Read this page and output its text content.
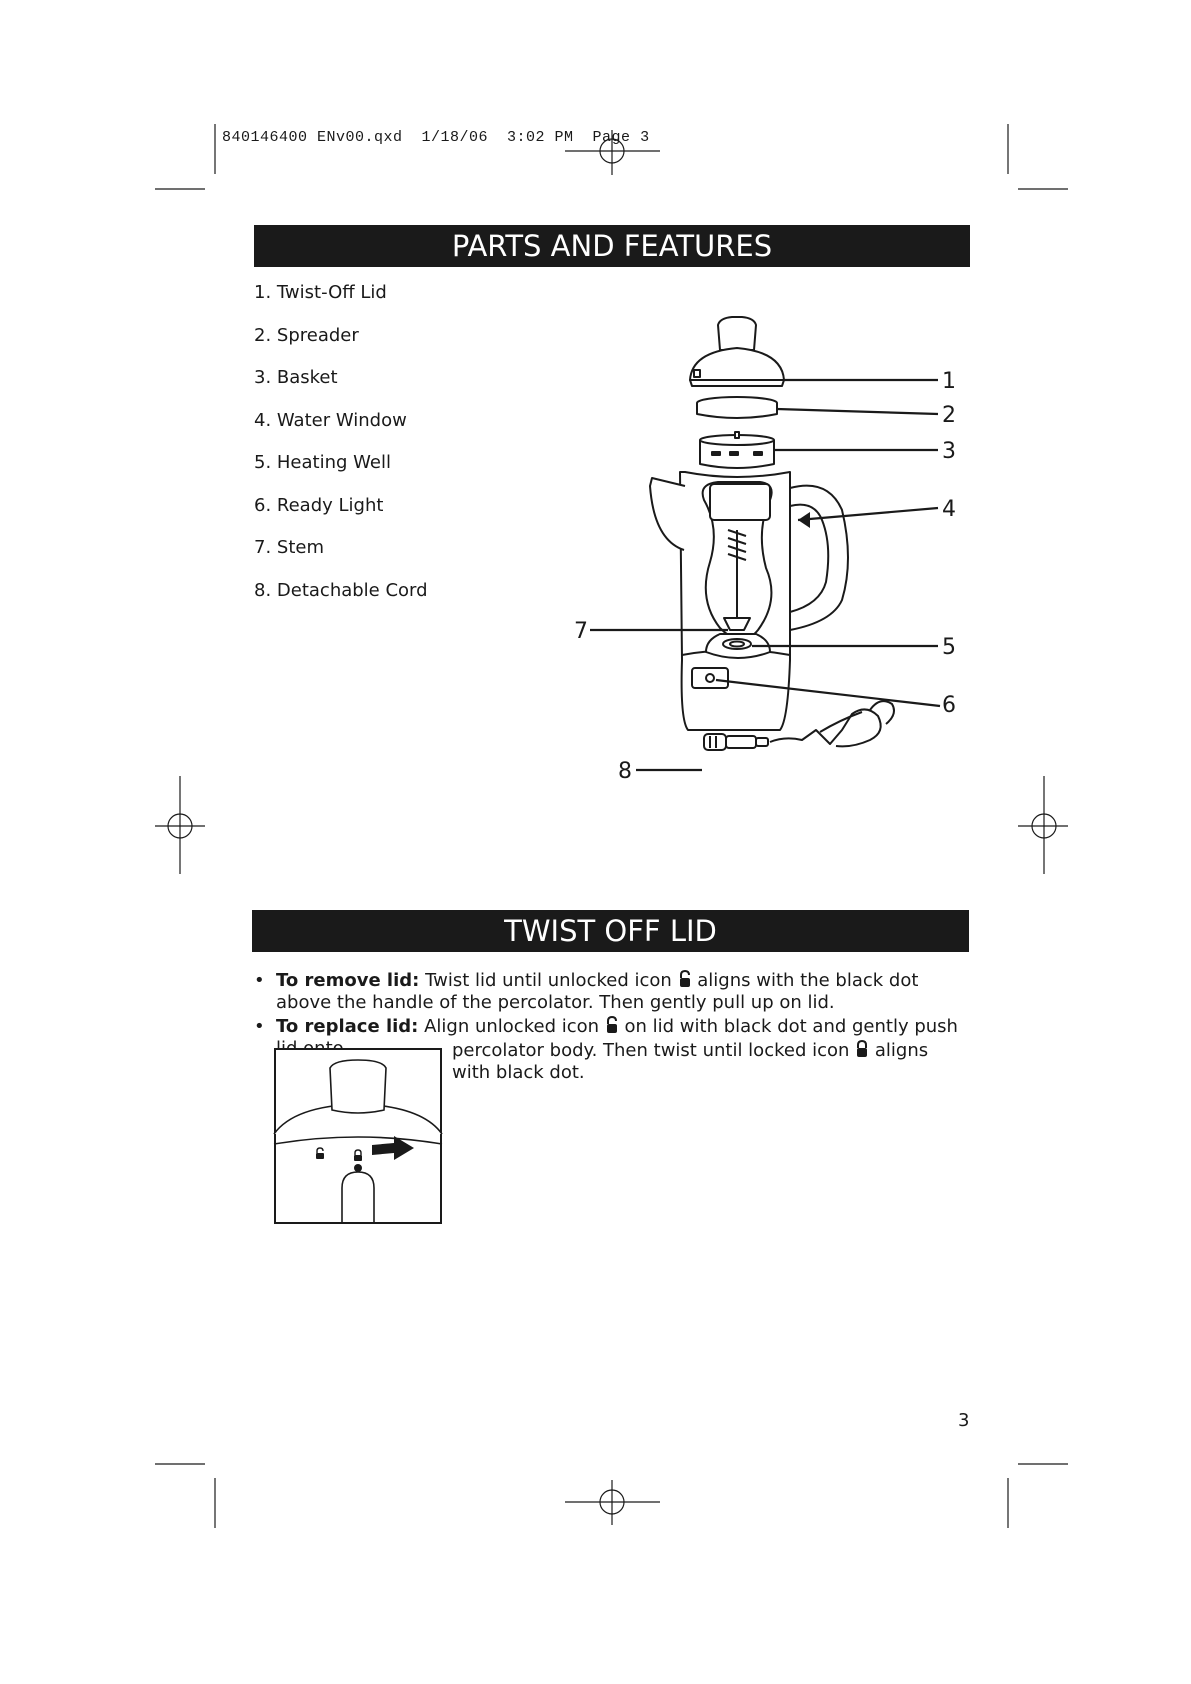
840146400 ENv00.qxd  1/18/06  3:02 PM  Page 3
PARTS AND FEATURES
1. Twist-Off Lid
2. Spreader
3. Basket
4. Water Window
5. Heating Well
6. Ready Light
7. Stem
8. Detachable Cord
1
2
3
4
5
6
7
8
TWIST OFF LID
• To remove lid: Twist lid until unlocked icon aligns with the black dot above the handle of the percolator. Then gently pull up on lid.
• To replace lid: Align unlocked icon on lid with black dot and gently push
percolator body. Then twist until locked icon aligns with black dot.
3
